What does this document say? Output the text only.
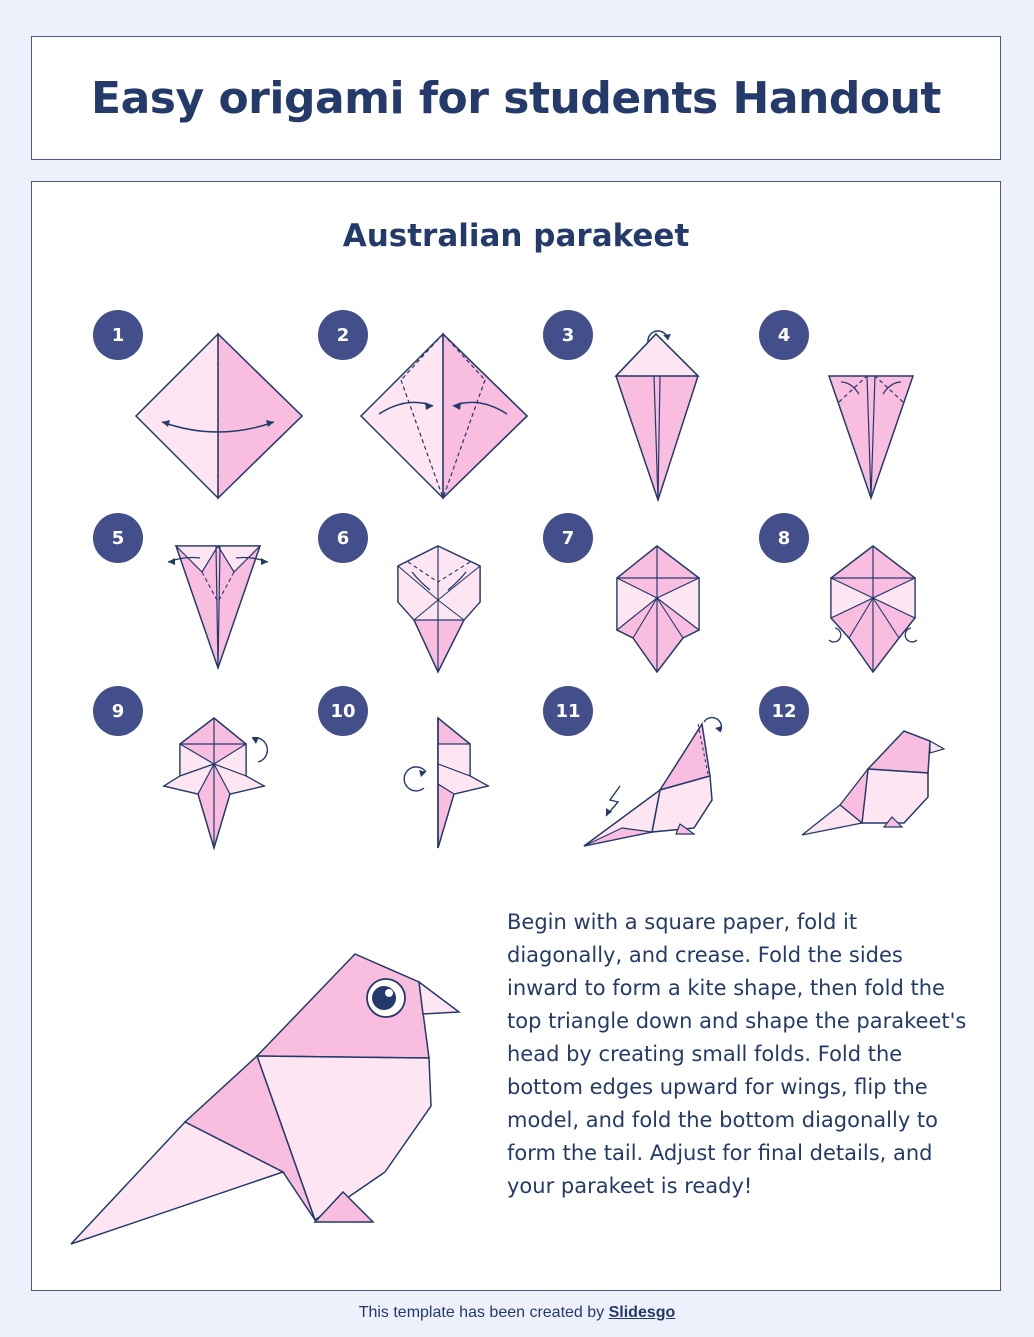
Easy origami for students Handout
Australian parakeet
1	2	3	4
5	6	7	8
9	10	11	12

Begin with a square paper, fold it diagonally, and crease. Fold the sides inward to form a kite shape, then fold the top triangle down and shape the parakeet's head by creating small folds. Fold the bottom edges upward for wings, flip the model, and fold the bottom diagonally to form the tail. Adjust for final details, and your parakeet is ready!

This template has been created by Slidesgo
